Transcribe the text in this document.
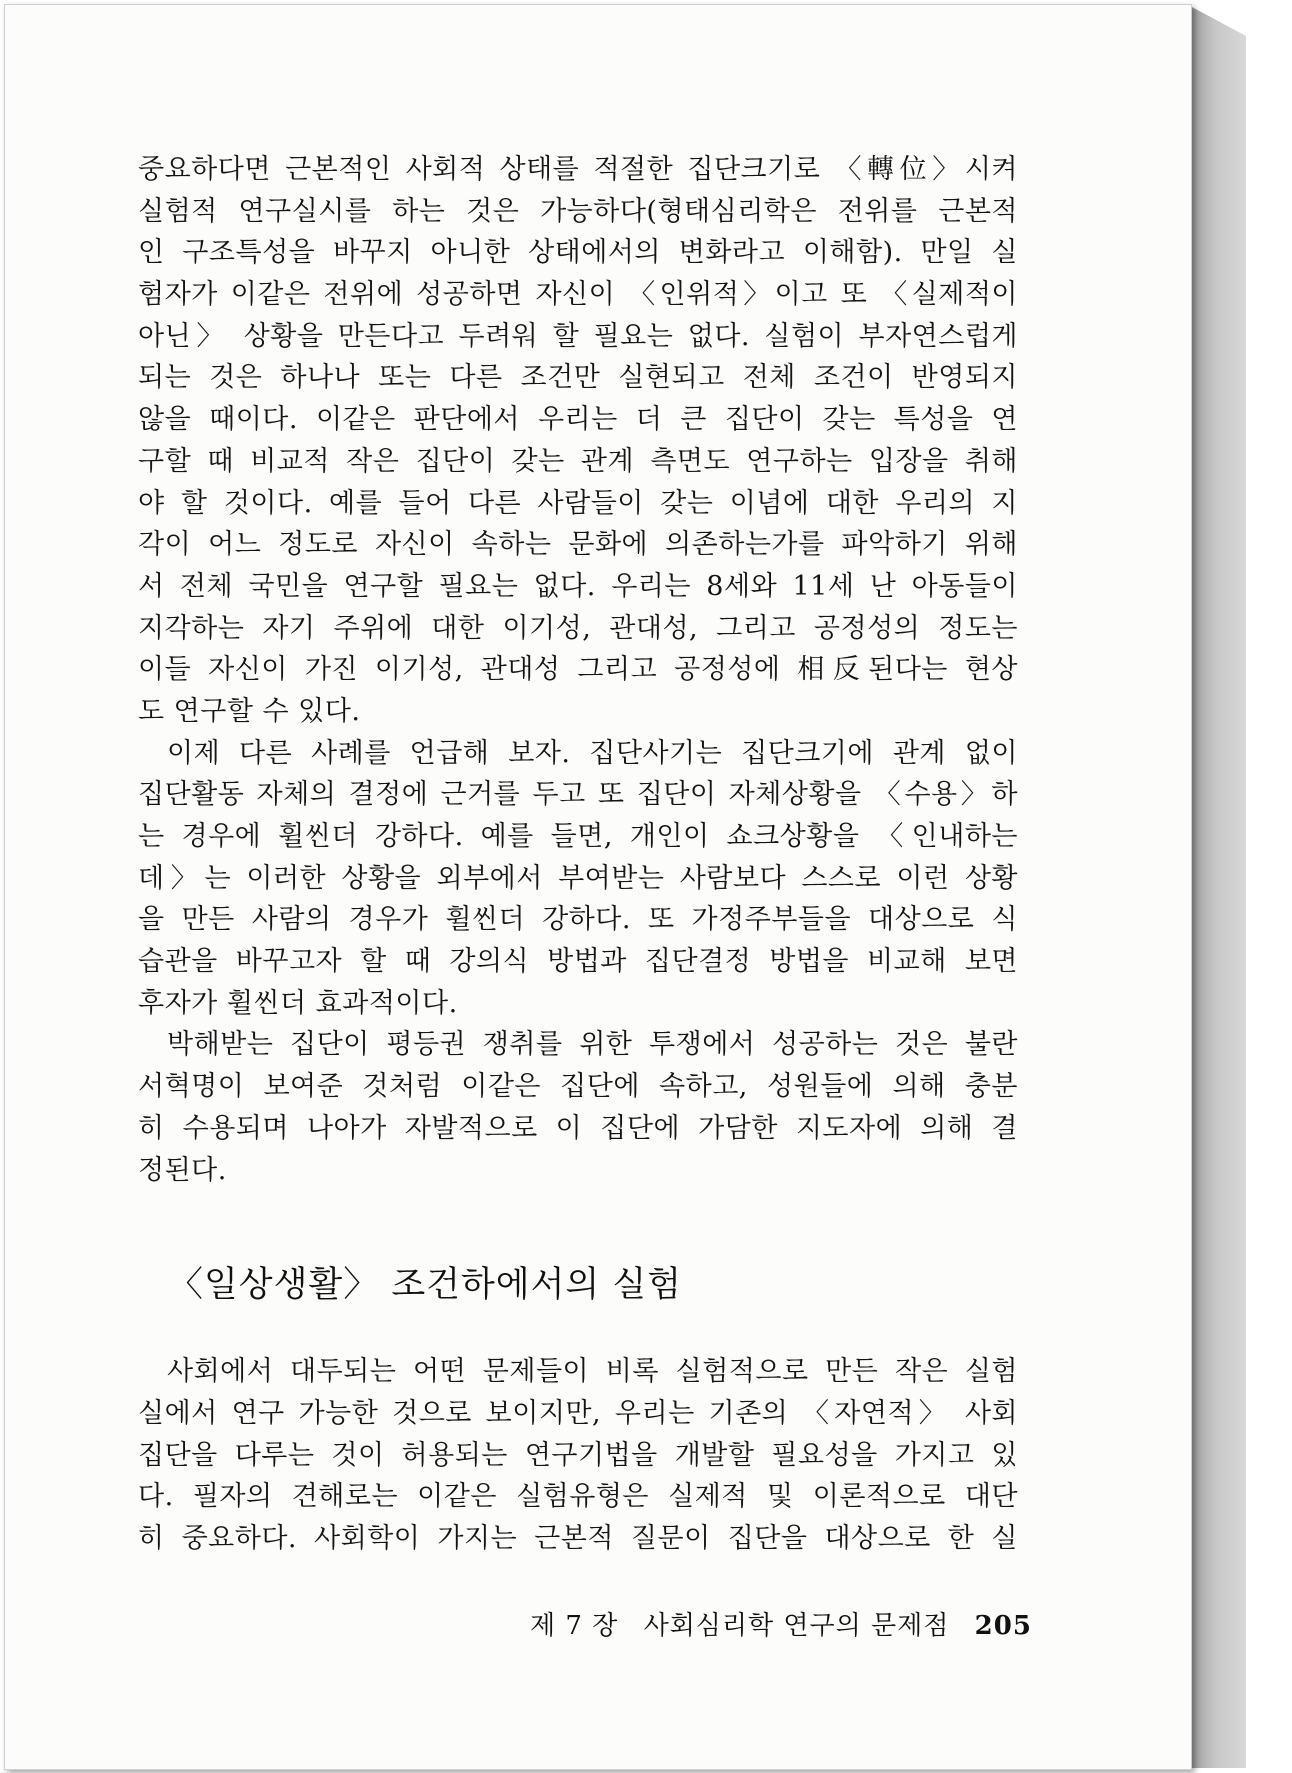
중요하다면 근본적인 사회적 상태를 적절한 집단크기로 〈轉位〉시켜
실험적 연구실시를 하는 것은 가능하다(형태심리학은 전위를 근본적
인 구조특성을 바꾸지 아니한 상태에서의 변화라고 이해함). 만일 실
험자가 이같은 전위에 성공하면 자신이 〈인위적〉이고 또 〈실제적이
아닌〉 상황을 만든다고 두려워 할 필요는 없다. 실험이 부자연스럽게
되는 것은 하나나 또는 다른 조건만 실현되고 전체 조건이 반영되지
않을 때이다. 이같은 판단에서 우리는 더 큰 집단이 갖는 특성을 연
구할 때 비교적 작은 집단이 갖는 관계 측면도 연구하는 입장을 취해
야 할 것이다. 예를 들어 다른 사람들이 갖는 이념에 대한 우리의 지
각이 어느 정도로 자신이 속하는 문화에 의존하는가를 파악하기 위해
서 전체 국민을 연구할 필요는 없다. 우리는 8세와 11세 난 아동들이
지각하는 자기 주위에 대한 이기성, 관대성, 그리고 공정성의 정도는
이들 자신이 가진 이기성, 관대성 그리고 공정성에 相反된다는 현상
도 연구할 수 있다.
이제 다른 사례를 언급해 보자. 집단사기는 집단크기에 관계 없이
집단활동 자체의 결정에 근거를 두고 또 집단이 자체상황을 〈수용〉하
는 경우에 휠씬더 강하다. 예를 들면, 개인이 쇼크상황을 〈인내하는
데〉는 이러한 상황을 외부에서 부여받는 사람보다 스스로 이런 상황
을 만든 사람의 경우가 휠씬더 강하다. 또 가정주부들을 대상으로 식
습관을 바꾸고자 할 때 강의식 방법과 집단결정 방법을 비교해 보면
후자가 휠씬더 효과적이다.
박해받는 집단이 평등권 쟁취를 위한 투쟁에서 성공하는 것은 불란
서혁명이 보여준 것처럼 이같은 집단에 속하고, 성원들에 의해 충분
히 수용되며 나아가 자발적으로 이 집단에 가담한 지도자에 의해 결
정된다.
〈일상생활〉 조건하에서의 실험
사회에서 대두되는 어떤 문제들이 비록 실험적으로 만든 작은 실험
실에서 연구 가능한 것으로 보이지만, 우리는 기존의 〈자연적〉 사회
집단을 다루는 것이 허용되는 연구기법을 개발할 필요성을 가지고 있
다. 필자의 견해로는 이같은 실험유형은 실제적 및 이론적으로 대단
히 중요하다. 사회학이 가지는 근본적 질문이 집단을 대상으로 한 실
제 7 장 사회심리학 연구의 문제점 205
